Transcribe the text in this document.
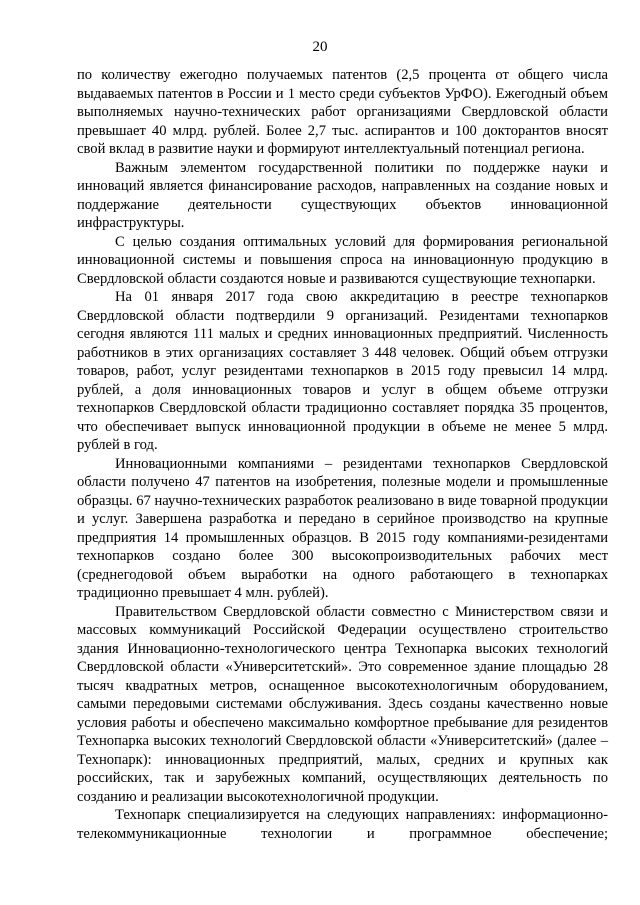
20

по количеству ежегодно получаемых патентов (2,5 процента от общего числа выдаваемых патентов в России и 1 место среди субъектов УрФО). Ежегодный объем выполняемых научно-технических работ организациями Свердловской области превышает 40 млрд. рублей. Более 2,7 тыс. аспирантов и 100 докторантов вносят свой вклад в развитие науки и формируют интеллектуальный потенциал региона.

Важным элементом государственной политики по поддержке науки и инноваций является финансирование расходов, направленных на создание новых и поддержание деятельности существующих объектов инновационной инфраструктуры.

С целью создания оптимальных условий для формирования региональной инновационной системы и повышения спроса на инновационную продукцию в Свердловской области создаются новые и развиваются существующие технопарки.

На 01 января 2017 года свою аккредитацию в реестре технопарков Свердловской области подтвердили 9 организаций. Резидентами технопарков сегодня являются 111 малых и средних инновационных предприятий. Численность работников в этих организациях составляет 3 448 человек. Общий объем отгрузки товаров, работ, услуг резидентами технопарков в 2015 году превысил 14 млрд. рублей, а доля инновационных товаров и услуг в общем объеме отгрузки технопарков Свердловской области традиционно составляет порядка 35 процентов, что обеспечивает выпуск инновационной продукции в объеме не менее 5 млрд. рублей в год.

Инновационными компаниями – резидентами технопарков Свердловской области получено 47 патентов на изобретения, полезные модели и промышленные образцы. 67 научно-технических разработок реализовано в виде товарной продукции и услуг. Завершена разработка и передано в серийное производство на крупные предприятия 14 промышленных образцов. В 2015 году компаниями-резидентами технопарков создано более 300 высокопроизводительных рабочих мест (среднегодовой объем выработки на одного работающего в технопарках традиционно превышает 4 млн. рублей).

Правительством Свердловской области совместно с Министерством связи и массовых коммуникаций Российской Федерации осуществлено строительство здания Инновационно-технологического центра Технопарка высоких технологий Свердловской области «Университетский». Это современное здание площадью 28 тысяч квадратных метров, оснащенное высокотехнологичным оборудованием, самыми передовыми системами обслуживания. Здесь созданы качественно новые условия работы и обеспечено максимально комфортное пребывание для резидентов Технопарка высоких технологий Свердловской области «Университетский» (далее – Технопарк): инновационных предприятий, малых, средних и крупных как российских, так и зарубежных компаний, осуществляющих деятельность по созданию и реализации высокотехнологичной продукции.

Технопарк специализируется на следующих направлениях: информационно-телекоммуникационные технологии и программное обеспечение;
